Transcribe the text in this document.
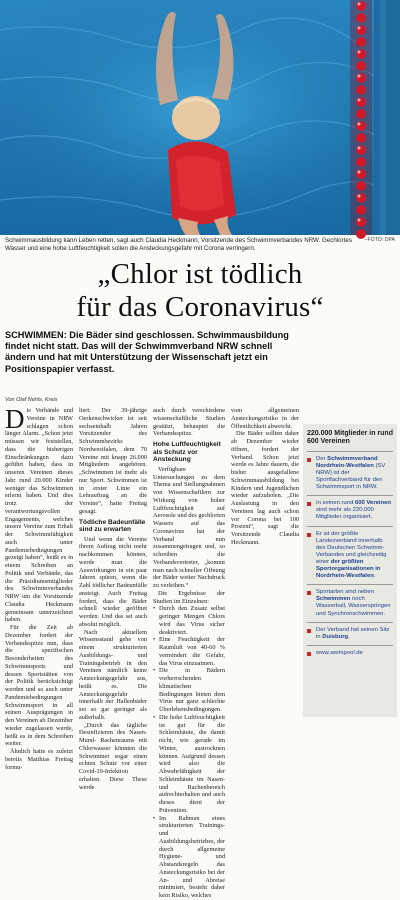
–FOTO: DPA
Schwimmausbildung kann Leben retten, sagt auch Claudia Heckmann, Vorsitzende des Schwimmverbandes NRW. Gechlortes Wasser und eine hohe Luftfeuchtigkeit sollen die Ansteckungsgefahr mit Corona verringern.
„Chlor ist tödlich
für das Coronavirus“
SCHWIMMEN: Die Bäder sind geschlossen. Schwimmausbildung findet nicht statt. Das will der Schwimmverband NRW schnell ändern und hat mit Unterstützung der Wissenschaft jetzt ein Positionspapier verfasst.
Von Olaf Nehls, Kreis

Die Verbände und Vereine in NRW schlagen schon länger Alarm. „Schon jetzt müssen wir feststellen, dass die bisherigen Einschränkungen dazu geführt haben, dass in unseren Vereinen dieses Jahr rund 20.000 Kinder weniger das Schwimmen erlernt haben. Und dies trotz der verantwortungsvollen Engagements, welches unsere Vereine zum Erhalt der Schwimmfähigkeit auch unter Pandemiebedingungen gezeigt haben“, heißt es in einem Schreiben an Politik und Verbände, das die Präsidiumsmitglieder des Schwimmverbandes NRW um die Vorsitzende Claudia Heckmann gemeinsam unterzeichnet haben.

Für die Zeit ab Dezember fordert der Verbandsspitze nun, dass die spezifischen Besonderheiten des Schwimmsports und dessen Sportstätten von der Politik berücksichtigt werden und so auch unter Pandemiebedingungen Schwimmsport in all seinen Ausprägungen in den Vereinen ab Dezember wieder zugelassen werde, heißt es in dem Schreiben weiter.

Ähnlich hatte es zuletzt bereits Matthias Freitag formu-

liert: Der 39-jährige Oerkenschwicker ist seit sechseinhalb Jahren Vorsitzender des Schwimmbezirks Nordwestfalen, dem 70 Vereine mit knapp 26.000 Mitgliedern angehören. „Schwimmen ist mehr als nur Sport. Schwimmen ist in erster Linie ein Lehrauftrag an die Vereine“, hatte Freitag gesagt.

Tödliche Badeunfälle sind zu erwarten

Und wenn die Vereine ihrem Auftrag nicht mehr nachkommen können, werde man die Auswirkungen in ein paar Jahren spüren, wenn die Zahl tödlicher Badeunfälle ansteigt. Auch Freitag fordert, dass die Bäder schnell wieder geöffnet werden. Und das sei auch absolut möglich.

Nach aktuellem Wissensstand gehe von einem strukturierten Ausbildungs- und Trainingsbetrieb in den Vereinen nämlich keine Ansteckungsgefahr aus, heißt es. Die Ansteckungsgefahr innerhalb der Hallenbäder sei so gar geringer als außerhalb.

„Durch das tägliche Desinfizieren des Nasen- Mund- Rachenraums mit Chlorwasser könnten die Schwimmer sogar einen echten Schutz vor einer Covid-19-Infektion erhalten. Diese These werde

auch durch verschiedene wissenschaftliche Studien gestützt, behauptet die Verbandsspitze.

Hohe Luftfeuchtigkeit als Schutz vor Ansteckung

Verfügbare Untersuchungen zu dem Thema und Stellungnahmen von Wissenschaftlern zur Wirkung von hoher Luftfeuchtigkeit auf Aerosole und des gechlorten Wassers auf das Coronavirus hat der Verband nun zusammengetragen und, so schreiben die Verbandsvertreter, „kommt man nach schneller Öffnung der Bäder weiter Nachdruck zu verleihen.“

Die Ergebnisse der Studien im Einzelnen:

• Durch den Zusatz selbst geringer Mengen Chlors wird das Virus sicher deaktiviert.

• Eine Feuchtigkeit der Raumluft von 40-60 % vermindert die Gefahr, das Virus einzuatmen.

• Die in Bädern vorherrschenden klimatischen Bedingungen bieten dem Virus nur ganz schlechte Überlebensbedingungen.

• Die hohe Luftfeuchtigkeit ist gut für die Schleimhäute, die damit nicht, wie gerade im Winter, austrocknen können. Aufgrund dessen wird also die Abwehrfähigkeit der Schleimhäute im Nasen- und Rachenbereich aufrechterhalten und auch dieses dient der Prävention.

• Im Rahmen eines strukturierten Trainings- und Ausbildungsbetriebes, der durch allgemeine Hygiene- und Abstandsregeln das Ansteckungsrisiko bei der An- und Abreise minimiert, besteht daher kein Risiko, welches

vom allgemeinen Ansteckungsrisiko in der Öffentlichkeit abweicht.

Die Bäder sollten daher ab Dezember wieder öffnen, fordert der Verband. Schon jetzt werde es Jahre dauern, die bisher ausgefallene Schwimmausbildung bei Kindern und Jugendlichen wieder aufzuholen. „Die Auslastung in den Vereinen lag auch schon vor Corona bei 100 Prozent“, sagt die Vorsitzende Claudia Heckmann.

220.000 Mitglieder in rund 600 Vereinen
Der Schwimmverband Nordrhein-Westfalen (SV NRW) ist der Sportfachverband für den Schwimmsport in NRW.
In seinen rund 600 Vereinen sind mehr als 220.000 Mitglieder organisiert.
Er ist der größte Landesverband innerhalb des Deutschen Schwimm-Verbandes und gleichzeitig einer der größten Sportorganisationen in Nordrhein-Westfalen.
Sportarten sind neben Schwimmen noch Wasserball, Wasserspringen und Synchronschwimmen.
Der Verband hat seinen Sitz in Duisburg.
www.swimpool.de
